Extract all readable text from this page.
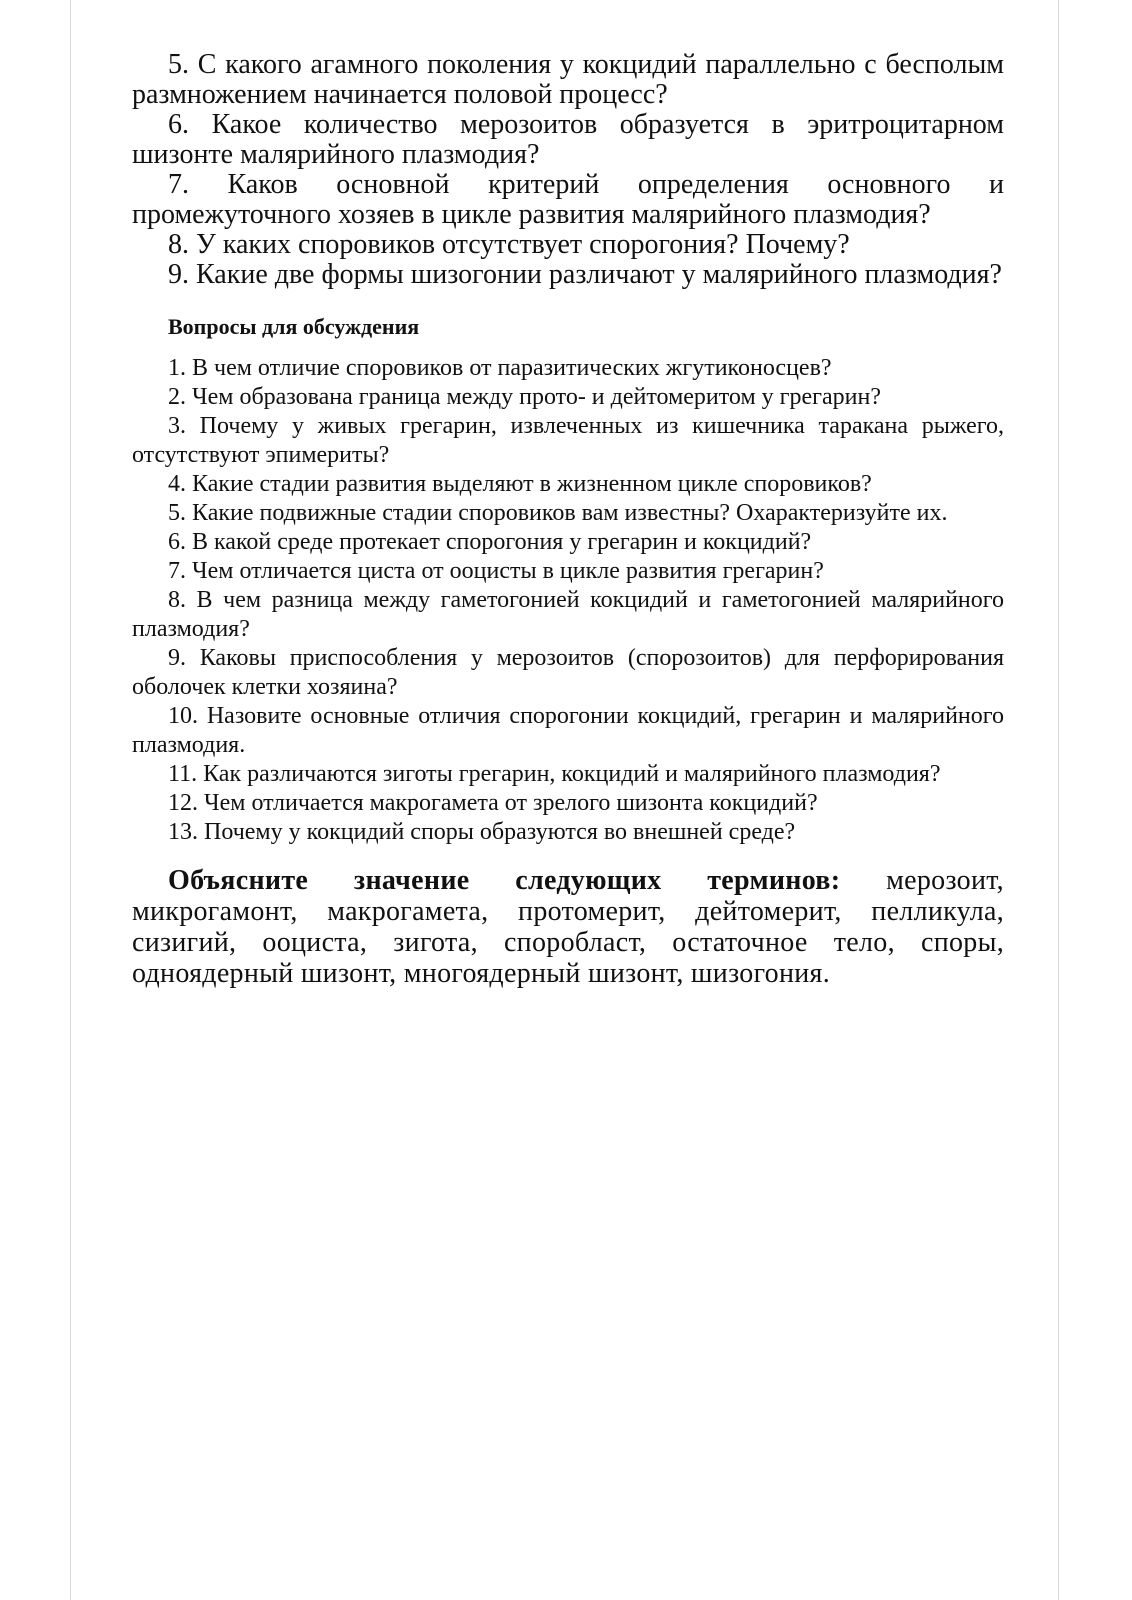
5. С какого агамного поколения у кокцидий параллельно с бесполым размножением начинается половой процесс?

6. Какое количество мерозоитов образуется в эритроцитарном шизонте малярийного плазмодия?

7. Каков основной критерий определения основного и промежуточного хозяев в цикле развития малярийного плазмодия?

8. У каких споровиков отсутствует спорогония? Почему?

9. Какие две формы шизогонии различают у малярийного плазмодия?

Вопросы для обсуждения

1. В чем отличие споровиков от паразитических жгутиконосцев?

2. Чем образована граница между прото- и дейтомеритом у грегарин?

3. Почему у живых грегарин, извлеченных из кишечника таракана рыжего, отсутствуют эпимериты?

4. Какие стадии развития выделяют в жизненном цикле споровиков?

5. Какие подвижные стадии споровиков вам известны? Охарактеризуйте их.

6. В какой среде протекает спорогония у грегарин и кокцидий?

7. Чем отличается циста от ооцисты в цикле развития грегарин?

8. В чем разница между гаметогонией кокцидий и гаметогонией малярийного плазмодия?

9. Каковы приспособления у мерозоитов (спорозоитов) для перфорирования оболочек клетки хозяина?

10. Назовите основные отличия спорогонии кокцидий, грегарин и малярийного плазмодия.

11. Как различаются зиготы грегарин, кокцидий и малярийного плазмодия?

12. Чем отличается макрогамета от зрелого шизонта кокцидий?

13. Почему у кокцидий споры образуются во внешней среде?

Объясните значение следующих терминов: мерозоит, микрогамонт, макрогамета, протомерит, дейтомерит, пелликула, сизигий, ооциста, зигота, споробласт, остаточное тело, споры, одноядерный шизонт, многоядерный шизонт, шизогония.
